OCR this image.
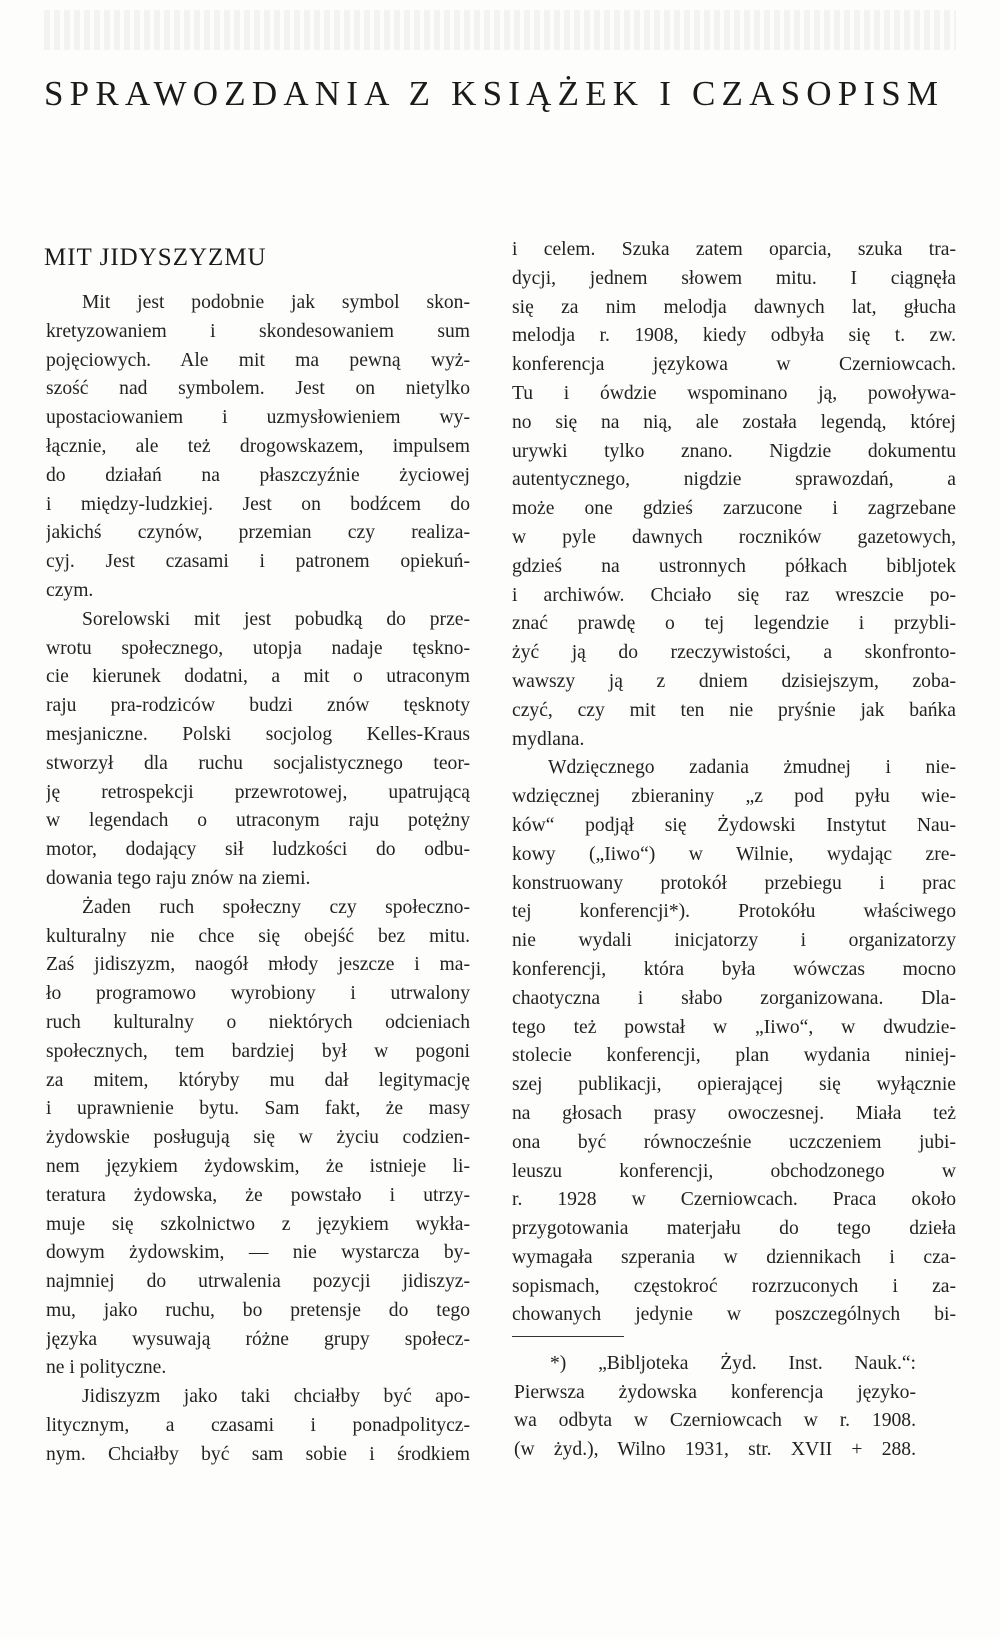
SPRAWOZDANIA Z KSIĄŻEK I CZASOPISM
MIT JIDYSZYZMU
Mit jest podobnie jak symbol skon-
kretyzowaniem i skondesowaniem sum
pojęciowych. Ale mit ma pewną wyż-
szość nad symbolem. Jest on nietylko
upostaciowaniem i uzmysłowieniem wy-
łącznie, ale też drogowskazem, impulsem
do działań na płaszczyźnie życiowej
i między-ludzkiej. Jest on bodźcem do
jakichś czynów, przemian czy realiza-
cyj. Jest czasami i patronem opiekuń-
czym.
Sorelowski mit jest pobudką do prze-
wrotu społecznego, utopja nadaje tęskno-
cie kierunek dodatni, a mit o utraconym
raju pra-rodziców budzi znów tęsknoty
mesjaniczne. Polski socjolog Kelles-Kraus
stworzył dla ruchu socjalistycznego teor-
ję retrospekcji przewrotowej, upatrującą
w legendach o utraconym raju potężny
motor, dodający sił ludzkości do odbu-
dowania tego raju znów na ziemi.
Żaden ruch społeczny czy społeczno-
kulturalny nie chce się obejść bez mitu.
Zaś jidiszyzm, naogół młody jeszcze i ma-
ło programowo wyrobiony i utrwalony
ruch kulturalny o niektórych odcieniach
społecznych, tem bardziej był w pogoni
za mitem, któryby mu dał legitymację
i uprawnienie bytu. Sam fakt, że masy
żydowskie posługują się w życiu codzien-
nem językiem żydowskim, że istnieje li-
teratura żydowska, że powstało i utrzy-
muje się szkolnictwo z językiem wykła-
dowym żydowskim, — nie wystarcza by-
najmniej do utrwalenia pozycji jidiszyz-
mu, jako ruchu, bo pretensje do tego
języka wysuwają różne grupy społecz-
ne i polityczne.
Jidiszyzm jako taki chciałby być apo-
litycznym, a czasami i ponadpolitycz-
nym. Chciałby być sam sobie i środkiem
i celem. Szuka zatem oparcia, szuka tra-
dycji, jednem słowem mitu. I ciągnęła
się za nim melodja dawnych lat, głucha
melodja r. 1908, kiedy odbyła się t. zw.
konferencja językowa w Czerniowcach.
Tu i ówdzie wspominano ją, powoływa-
no się na nią, ale została legendą, której
urywki tylko znano. Nigdzie dokumentu
autentycznego, nigdzie sprawozdań, a
może one gdzieś zarzucone i zagrzebane
w pyle dawnych roczników gazetowych,
gdzieś na ustronnych półkach bibljotek
i archiwów. Chciało się raz wreszcie po-
znać prawdę o tej legendzie i przybli-
żyć ją do rzeczywistości, a skonfronto-
wawszy ją z dniem dzisiejszym, zoba-
czyć, czy mit ten nie pryśnie jak bańka
mydlana.
Wdzięcznego zadania żmudnej i nie-
wdzięcznej zbieraniny „z pod pyłu wie-
ków“ podjął się Żydowski Instytut Nau-
kowy („Iiwo“) w Wilnie, wydając zre-
konstruowany protokół przebiegu i prac
tej konferencji*). Protokółu właściwego
nie wydali inicjatorzy i organizatorzy
konferencji, która była wówczas mocno
chaotyczna i słabo zorganizowana. Dla-
tego też powstał w „Iiwo“, w dwudzie-
stolecie konferencji, plan wydania niniej-
szej publikacji, opierającej się wyłącznie
na głosach prasy owoczesnej. Miała też
ona być równocześnie uczczeniem jubi-
leuszu konferencji, obchodzonego w
r. 1928 w Czerniowcach. Praca około
przygotowania materjału do tego dzieła
wymagała szperania w dziennikach i cza-
sopismach, częstokroć rozrzuconych i za-
chowanych jedynie w poszczególnych bi-
*) „Bibljoteka Żyd. Inst. Nauk.“:
Pierwsza żydowska konferencja języko-
wa odbyta w Czerniowcach w r. 1908.
(w żyd.), Wilno 1931, str. XVII + 288.
